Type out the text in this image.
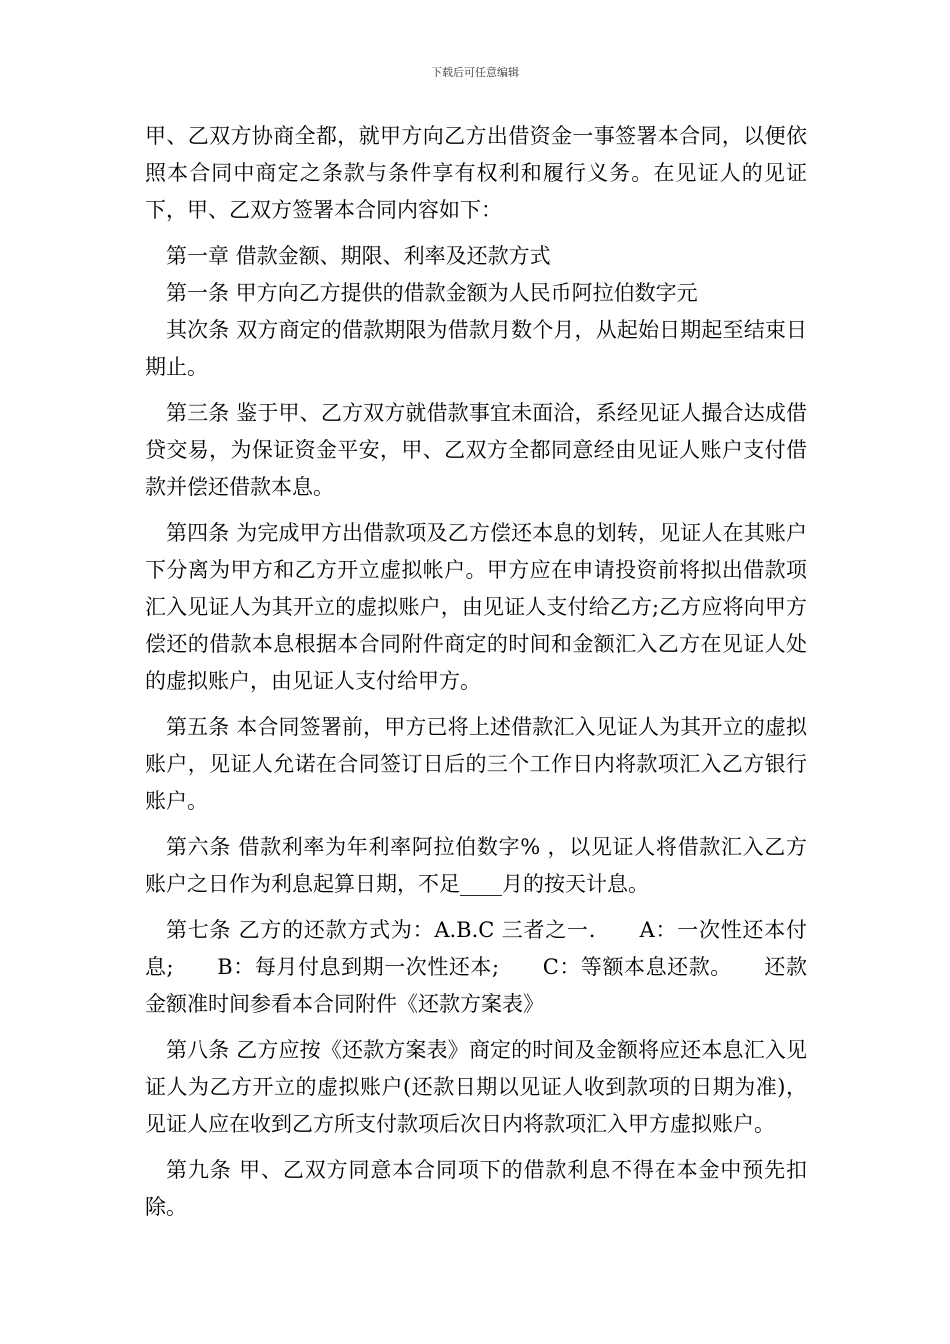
下载后可任意编辑

甲、乙双方协商全都，就甲方向乙方出借资金一事签署本合同，以便依照本合同中商定之条款与条件享有权利和履行义务。在见证人的见证下，甲、乙双方签署本合同内容如下：

第一章 借款金额、期限、利率及还款方式

第一条 甲方向乙方提供的借款金额为人民币阿拉伯数字元

其次条 双方商定的借款期限为借款月数个月，从起始日期起至结束日期止。

第三条 鉴于甲、乙方双方就借款事宜未面洽，系经见证人撮合达成借贷交易，为保证资金平安，甲、乙双方全都同意经由见证人账户支付借款并偿还借款本息。

第四条 为完成甲方出借款项及乙方偿还本息的划转，见证人在其账户下分离为甲方和乙方开立虚拟帐户。甲方应在申请投资前将拟出借款项汇入见证人为其开立的虚拟账户，由见证人支付给乙方;乙方应将向甲方偿还的借款本息根据本合同附件商定的时间和金额汇入乙方在见证人处的虚拟账户，由见证人支付给甲方。

第五条 本合同签署前，甲方已将上述借款汇入见证人为其开立的虚拟账户，见证人允诺在合同签订日后的三个工作日内将款项汇入乙方银行账户。

第六条 借款利率为年利率阿拉伯数字% ，以见证人将借款汇入乙方账户之日作为利息起算日期，不足____月的按天计息。

第七条 乙方的还款方式为：A.B.C 三者之一.　　A：一次性还本付息;　　B：每月付息到期一次性还本;　　C：等额本息还款。　　还款金额准时间参看本合同附件《还款方案表》

第八条 乙方应按《还款方案表》商定的时间及金额将应还本息汇入见证人为乙方开立的虚拟账户(还款日期以见证人收到款项的日期为准)，见证人应在收到乙方所支付款项后次日内将款项汇入甲方虚拟账户。

第九条 甲、乙双方同意本合同项下的借款利息不得在本金中预先扣除。
